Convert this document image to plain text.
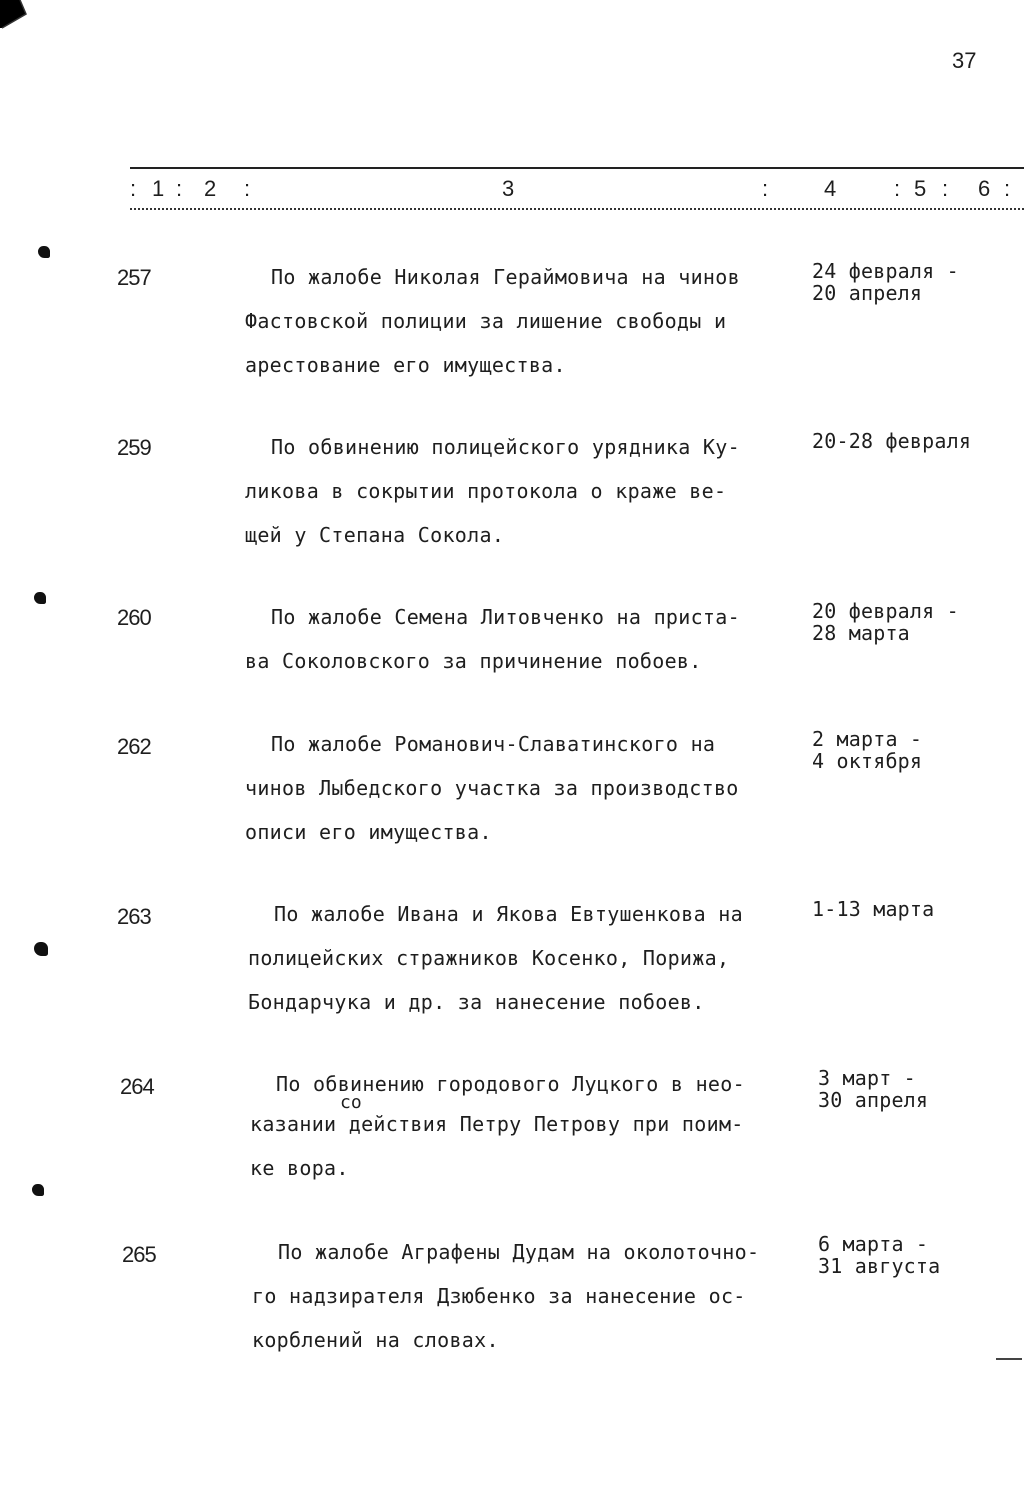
37
: 1 : 2 :	3	:	4	: 5 : 6 :
257	По жалобе Николая Гераймовича на чинов
Фастовской полиции за лишение свободы и
арестование его имущества.
24 февраля -
20 апреля
259	По обвинению полицейского урядника Ку-
ликова в сокрытии протокола о краже ве-
щей у Степана Сокола.
20-28 февраля
260	По жалобе Семена Литовченко на приста-
ва Соколовского за причинение побоев.
20 февраля -
28 марта
262	По жалобе Романович-Славатинского на
чинов Лыбедского участка за производство
описи его имущества.
2 марта -
4 октября
263	По жалобе Ивана и Якова Евтушенкова на
полицейских стражников Косенко, Порижа,
Бондарчука и др. за нанесение побоев.
1-13 марта
264	По обвинению городового Луцкого в нео-
казании действия Петру Петрову при поим-
ке вора.
со
3 март -
30 апреля
265	По жалобе Аграфены Дудам на околоточно-
го надзирателя Дзюбенко за нанесение ос-
корблений на словах.
6 марта -
31 августа
